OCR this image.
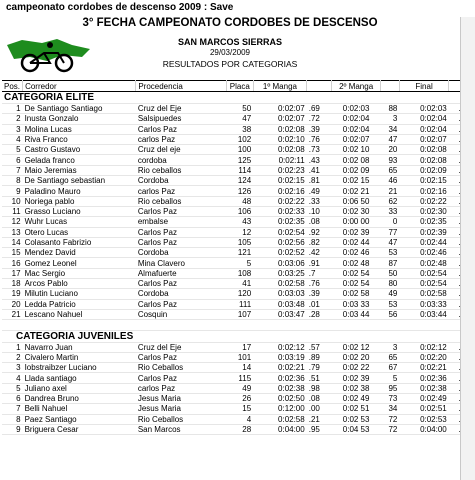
campeonato cordobes de descenso 2009 : Save
3° FECHA CAMPEONATO CORDOBES DE DESCENSO
SAN MARCOS SIERRAS
29/03/2009
RESULTADOS POR CATEGORIAS
Pos.	Corredor	Procedencia	Placa	1º Manga		2º Manga		Final	
CATEGORIA ELITE									
1	De Santiago Santiago	Cruz del Eje	50	0:02:07	.69	0:02:03	88	0:02:03	
2	Inusta Gonzalo	Salsipuedes	47	0:02:07	.72	0:02:04	3	0:02:04	
3	Molina Lucas	Carlos Paz	38	0:02:08	.39	0:02:04	34	0:02:04	
4	Riva Franco	carlos Paz	102	0:02:10	.76	0:02:07	47	0:02:07	
5	Castro Gustavo	Cruz del eje	100	0:02:08	.73	0:02 10	20	0:02:08	
6	Gelada franco	cordoba	125	0:02:11	.43	0:02 08	93	0:02:08	
7	Maio Jeremias	Rio ceballos	114	0:02:23	.41	0:02 09	65	0:02:09	
8	De Santiago sebastian	Cordoba	124	0:02:15	.81	0:02 15	46	0:02:15	
9	Paladino Mauro	carlos Paz	126	0:02:16	.49	0:02 21	21	0:02:16	
10	Noriega pablo	Rio ceballos	48	0:02:22	.33	0:06 50	62	0:02:22	
11	Grasso Luciano	Carlos Paz	106	0:02:33	.10	0:02 30	33	0:02:30	
12	Wuhr Lucas	embalse	43	0:02:35	.08	0:00 00	0	0:02:35	
13	Otero Lucas	Carlos Paz	12	0:02:54	.92	0:02 39	77	0:02:39	
14	Colasanto Fabrizio	Carlos Paz	105	0:02:56	.82	0:02 44	47	0:02:44	
15	Mendez David	Cordoba	121	0:02:52	.42	0:02 46	53	0:02:46	
16	Gomez Leonel	Mina Clavero	5	0:03:06	.91	0:02 48	87	0:02:48	
17	Mac Sergio	Almafuerte	108	0:03:25	.7	0:02 54	50	0:02:54	
18	Arcos Pablo	Carlos Paz	41	0:02:58	.76	0:02 54	80	0:02:54	
19	Milutin Luciano	Cordoba	120	0:03:03	.39	0:02 58	49	0:02:58	
20	Ledda Patricio	Carlos Paz	111	0:03:48	.01	0:03 33	53	0:03:33	
21	Lescano Nahuel	Cosquin	107	0:03:47	.28	0:03 44	56	0:03:44	

CATEGORIA JUVENILES									
1	Navarro Juan	Cruz del Eje	17	0:02:12	.57	0:02 12	3	0:02:12	
2	Civalero Martin	Carlos Paz	101	0:03:19	.89	0:02 20	65	0:02:20	
3	Iobstraibzer Luciano	Rio Ceballos	14	0:02:21	.79	0:02 22	67	0:02:21	
4	Llada santiago	Carlos Paz	115	0:02:36	.51	0:02 39	5	0:02:36	
5	Juliano axel	carlos Paz	49	0:02:38	.98	0:02 38	95	0:02:38	
6	Dandrea Bruno	Jesus Maria	26	0:02:50	.08	0:02 49	73	0:02:49	
7	Belli Nahuel	Jesus Maria	15	0:12:00	.00	0:02 51	34	0:02:51	
8	Paez Santiago	Rio Ceballos	4	0:02:58	.21	0:02 53	72	0:02:53	
9	Briguera Cesar	San Marcos	28	0:04:00	.95	0:04 53	72	0:04:00	
